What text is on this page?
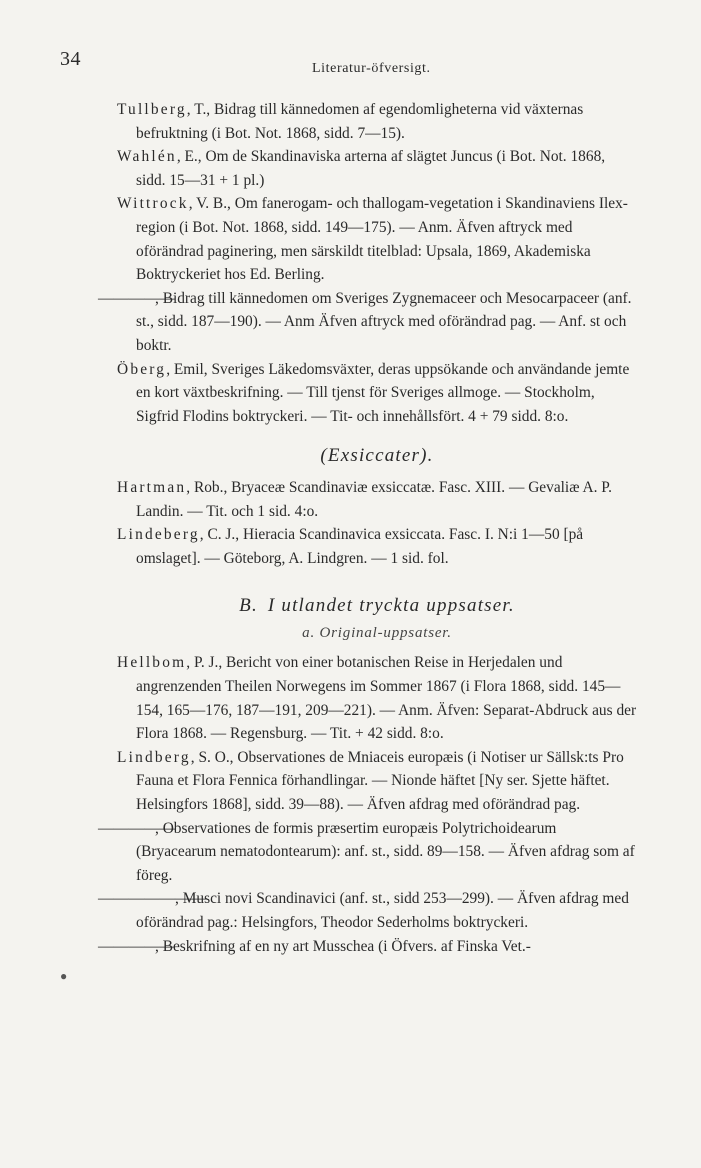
34	Literatur-öfversigt.

Tullberg, T., Bidrag till kännedomen af egendomligheterna vid växternas befruktning (i Bot. Not. 1868, sidd. 7—15).

Wahlén, E., Om de Skandinaviska arterna af slägtet Juncus (i Bot. Not. 1868, sidd. 15—31 + 1 pl.)

Wittrock, V. B., Om fanerogam- och thallogam-vegetation i Skandinaviens Ilex-region (i Bot. Not. 1868, sidd. 149—175). — Anm. Äfven aftryck med oförändrad paginering, men särskildt titelblad: Upsala, 1869, Akademiska Boktryckeriet hos Ed. Berling.

—————, Bidrag till kännedomen om Sveriges Zygnemaceer och Mesocarpaceer (anf. st., sidd. 187—190). — Anm Äfven aftryck med oförändrad pag. — Anf. st och boktr.

Öberg, Emil, Sveriges Läkedomsväxter, deras uppsökande och användande jemte en kort växtbeskrifning. — Till tjenst för Sveriges allmoge. — Stockholm, Sigfrid Flodins boktryckeri. — Tit- och innehållsfört. 4 + 79 sidd. 8:o.

(Exsiccater).

Hartman, Rob., Bryaceæ Scandinaviæ exsiccatæ. Fasc. XIII. — Gevaliæ A. P. Landin. — Tit. och 1 sid. 4:o.

Lindeberg, C. J., Hieracia Scandinavica exsiccata. Fasc. I. N:i 1—50 [på omslaget]. — Göteborg, A. Lindgren. — 1 sid. fol.

B. I utlandet tryckta uppsatser.

a. Original-uppsatser.

Hellbom, P. J., Bericht von einer botanischen Reise in Herjedalen und angrenzenden Theilen Norwegens im Sommer 1867 (i Flora 1868, sidd. 145—154, 165—176, 187—191, 209—221). — Anm. Äfven: Separat-Abdruck aus der Flora 1868. — Regensburg. — Tit. + 42 sidd. 8:o.

Lindberg, S. O., Observationes de Mniaceis europæis (i Notiser ur Sällsk:ts Pro Fauna et Flora Fennica förhandlingar. — Nionde häftet [Ny ser. Sjette häftet. Helsingfors 1868], sidd. 39—88). — Äfven afdrag med oförändrad pag.

—————, Observationes de formis præsertim europæis Polytrichoidearum (Bryacearum nematodontearum): anf. st., sidd. 89—158. — Äfven afdrag som af föreg.

———————, Musci novi Scandinavici (anf. st., sidd 253—299). — Äfven afdrag med oförändrad pag.: Helsingfors, Theodor Sederholms boktryckeri.

—————, Beskrifning af en ny art Musschea (i Öfvers. af Finska Vet.-

●
